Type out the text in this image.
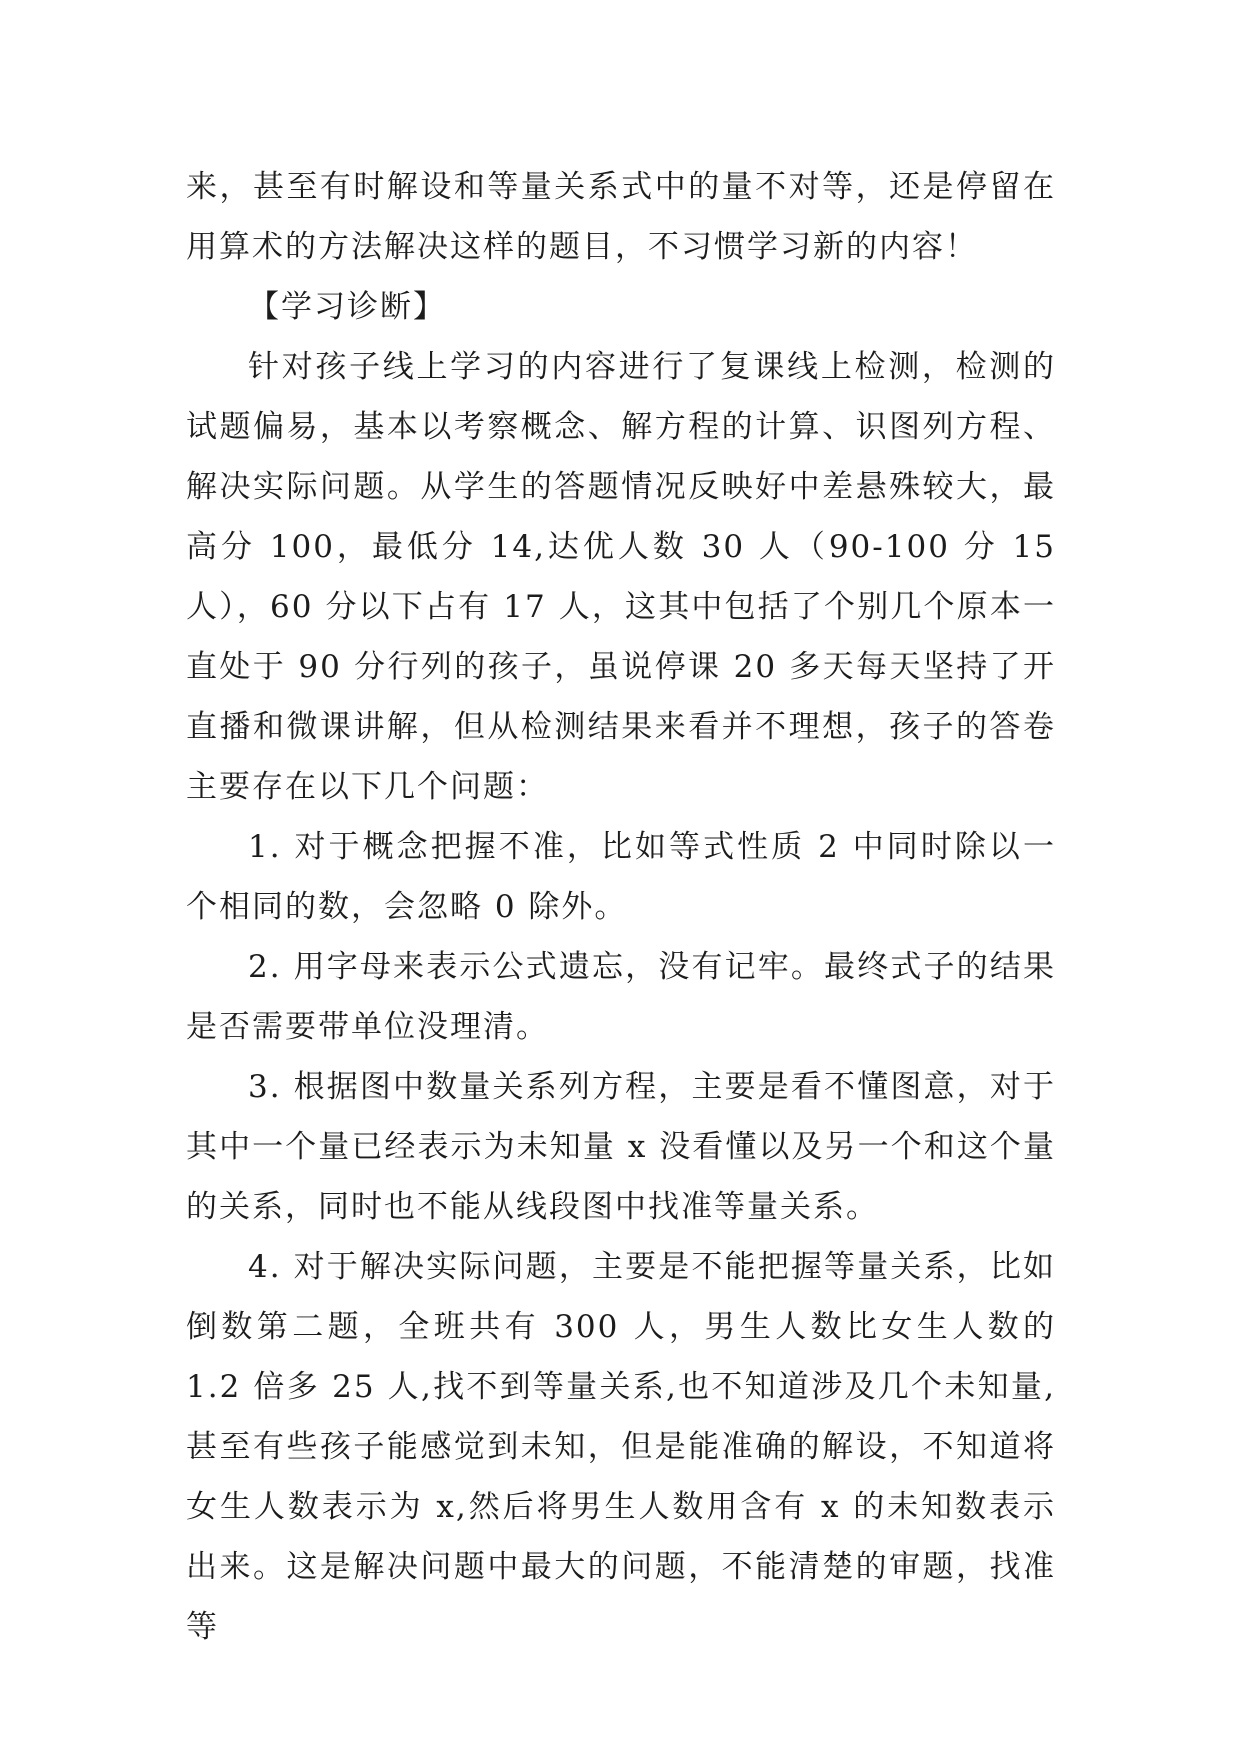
来，甚至有时解设和等量关系式中的量不对等，还是停留在用算术的方法解决这样的题目，不习惯学习新的内容！

【学习诊断】

针对孩子线上学习的内容进行了复课线上检测，检测的试题偏易，基本以考察概念、解方程的计算、识图列方程、解决实际问题。从学生的答题情况反映好中差悬殊较大，最高分 100，最低分 14,达优人数 30 人（90-100 分 15 人），60 分以下占有 17 人，这其中包括了个别几个原本一直处于 90 分行列的孩子，虽说停课 20 多天每天坚持了开直播和微课讲解，但从检测结果来看并不理想，孩子的答卷主要存在以下几个问题：

1. 对于概念把握不准，比如等式性质 2 中同时除以一个相同的数，会忽略 0 除外。

2. 用字母来表示公式遗忘，没有记牢。最终式子的结果是否需要带单位没理清。

3. 根据图中数量关系列方程，主要是看不懂图意，对于其中一个量已经表示为未知量 x 没看懂以及另一个和这个量的关系，同时也不能从线段图中找准等量关系。

4. 对于解决实际问题，主要是不能把握等量关系，比如倒数第二题，全班共有 300 人，男生人数比女生人数的 1.2 倍多 25 人,找不到等量关系,也不知道涉及几个未知量,甚至有些孩子能感觉到未知，但是能准确的解设，不知道将女生人数表示为 x,然后将男生人数用含有 x 的未知数表示出来。这是解决问题中最大的问题，不能清楚的审题，找准等
